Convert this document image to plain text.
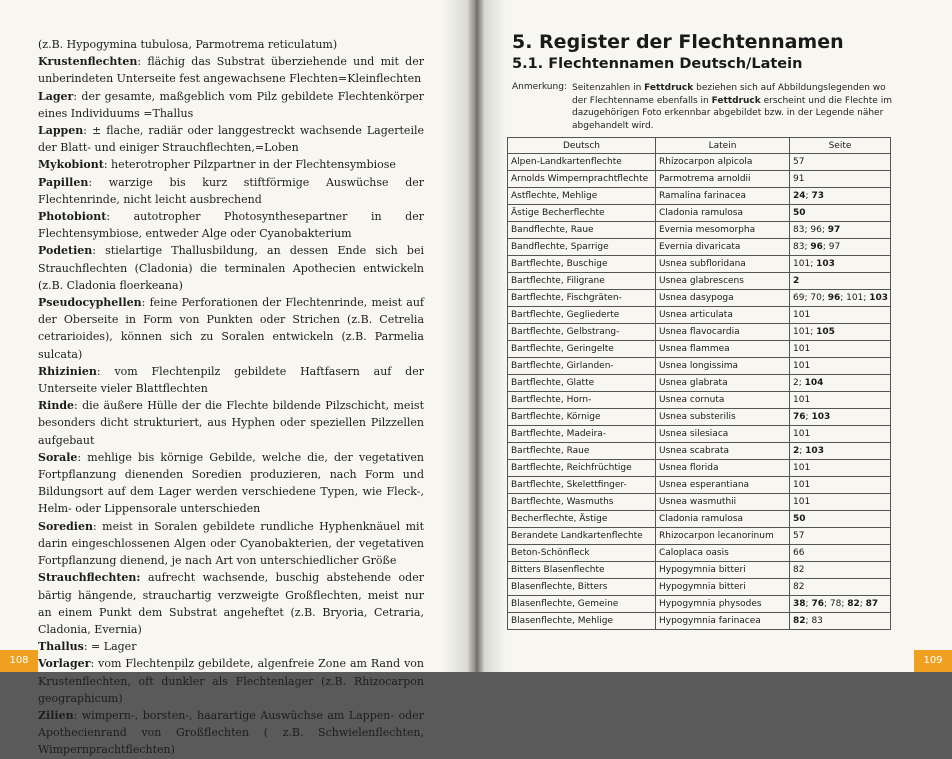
(z.B. Hypogymina tubulosa, Parmotrema reticulatum)

Krustenflechten: flächig das Substrat überziehende und mit der unberindeten Unterseite fest angewachsene Flechten=Kleinflechten

Lager: der gesamte, maßgeblich vom Pilz gebildete Flechtenkörper eines Individuums =Thallus

Lappen: ± flache, radiär oder langgestreckt wachsende Lagerteile der Blatt- und einiger Strauchflechten,=Loben

Mykobiont: heterotropher Pilzpartner in der Flechtensymbiose

Papillen: warzige bis kurz stiftförmige Auswüchse der Flechtenrinde, nicht leicht ausbrechend

Photobiont: autotropher Photosynthesepartner in der Flechtensymbiose, entweder Alge oder Cyanobakterium

Podetien: stielartige Thallusbildung, an dessen Ende sich bei Strauchflechten (Cladonia) die terminalen Apothecien entwickeln (z.B. Cladonia floerkeana)

Pseudocyphellen: feine Perforationen der Flechtenrinde, meist auf der Oberseite in Form von Punkten oder Strichen (z.B. Cetrelia cetrarioides), können sich zu Soralen entwickeln (z.B. Parmelia sulcata)

Rhizinien: vom Flechtenpilz gebildete Haftfasern auf der Unterseite vieler Blattflechten

Rinde: die äußere Hülle der die Flechte bildende Pilzschicht, meist besonders dicht strukturiert, aus Hyphen oder speziellen Pilzzellen aufgebaut

Sorale: mehlige bis körnige Gebilde, welche die, der vegetativen Fortpflanzung dienenden Soredien produzieren, nach Form und Bildungsort auf dem Lager werden verschiedene Typen, wie Fleck-, Helm- oder Lippensorale unterschieden

Soredien: meist in Soralen gebildete rundliche Hyphenknäuel mit darin eingeschlossenen Algen oder Cyanobakterien, der vegetativen Fortpflanzung dienend, je nach Art von unterschiedlicher Größe

Strauchflechten: aufrecht wachsende, buschig abstehende oder bärtig hängende, strauchartig verzweigte Großflechten, meist nur an einem Punkt dem Substrat angeheftet (z.B. Bryoria, Cetraria, Cladonia, Evernia)

Thallus: = Lager

Vorlager: vom Flechtenpilz gebildete, algenfreie Zone am Rand von Krustenflechten, oft dunkler als Flechtenlager (z.B. Rhizocarpon geographicum)

Zilien: wimpern-, borsten-, haarartige Auswüchse am Lappen- oder Apothecienrand von Großflechten ( z.B. Schwielenflechten, Wimpernprachtflechten)

108
5. Register der Flechtennamen
5.1. Flechtennamen Deutsch/Latein
Anmerkung: Seitenzahlen in Fettdruck beziehen sich auf Abbildungslegenden wo der Flechtenname ebenfalls in Fettdruck erscheint und die Flechte im dazugehörigen Foto erkennbar abgebildet bzw. in der Legende näher abgehandelt wird.
Deutsch	Latein	Seite
Alpen-Landkartenflechte	Rhizocarpon alpicola	57
Arnolds Wimpernprachtflechte	Parmotrema arnoldii	91
Astflechte, Mehlige	Ramalina farinacea	24; 73
Ästige Becherflechte	Cladonia ramulosa	50
Bandflechte, Raue	Evernia mesomorpha	83; 96; 97
Bandflechte, Sparrige	Evernia divaricata	83; 96; 97
Bartflechte, Buschige	Usnea subfloridana	101; 103
Bartflechte, Filigrane	Usnea glabrescens	2
Bartflechte, Fischgräten-	Usnea dasypoga	69; 70; 96; 101; 103
Bartflechte, Gegliederte	Usnea articulata	101
Bartflechte, Gelbstrang-	Usnea flavocardia	101; 105
Bartflechte, Geringelte	Usnea flammea	101
Bartflechte, Girlanden-	Usnea longissima	101
Bartflechte, Glatte	Usnea glabrata	2; 104
Bartflechte, Horn-	Usnea cornuta	101
Bartflechte, Körnige	Usnea substerilis	76; 103
Bartflechte, Madeira-	Usnea silesiaca	101
Bartflechte, Raue	Usnea scabrata	2; 103
Bartflechte, Reichfrüchtige	Usnea florida	101
Bartflechte, Skelettfinger-	Usnea esperantiana	101
Bartflechte, Wasmuths	Usnea wasmuthii	101
Becherflechte, Ästige	Cladonia ramulosa	50
Berandete Landkartenflechte	Rhizocarpon lecanorinum	57
Beton-Schönfleck	Caloplaca oasis	66
Bitters Blasenflechte	Hypogymnia bitteri	82
Blasenflechte, Bitters	Hypogymnia bitteri	82
Blasenflechte, Gemeine	Hypogymnia physodes	38; 76; 78; 82; 87
Blasenflechte, Mehlige	Hypogymnia farinacea	82; 83
109
